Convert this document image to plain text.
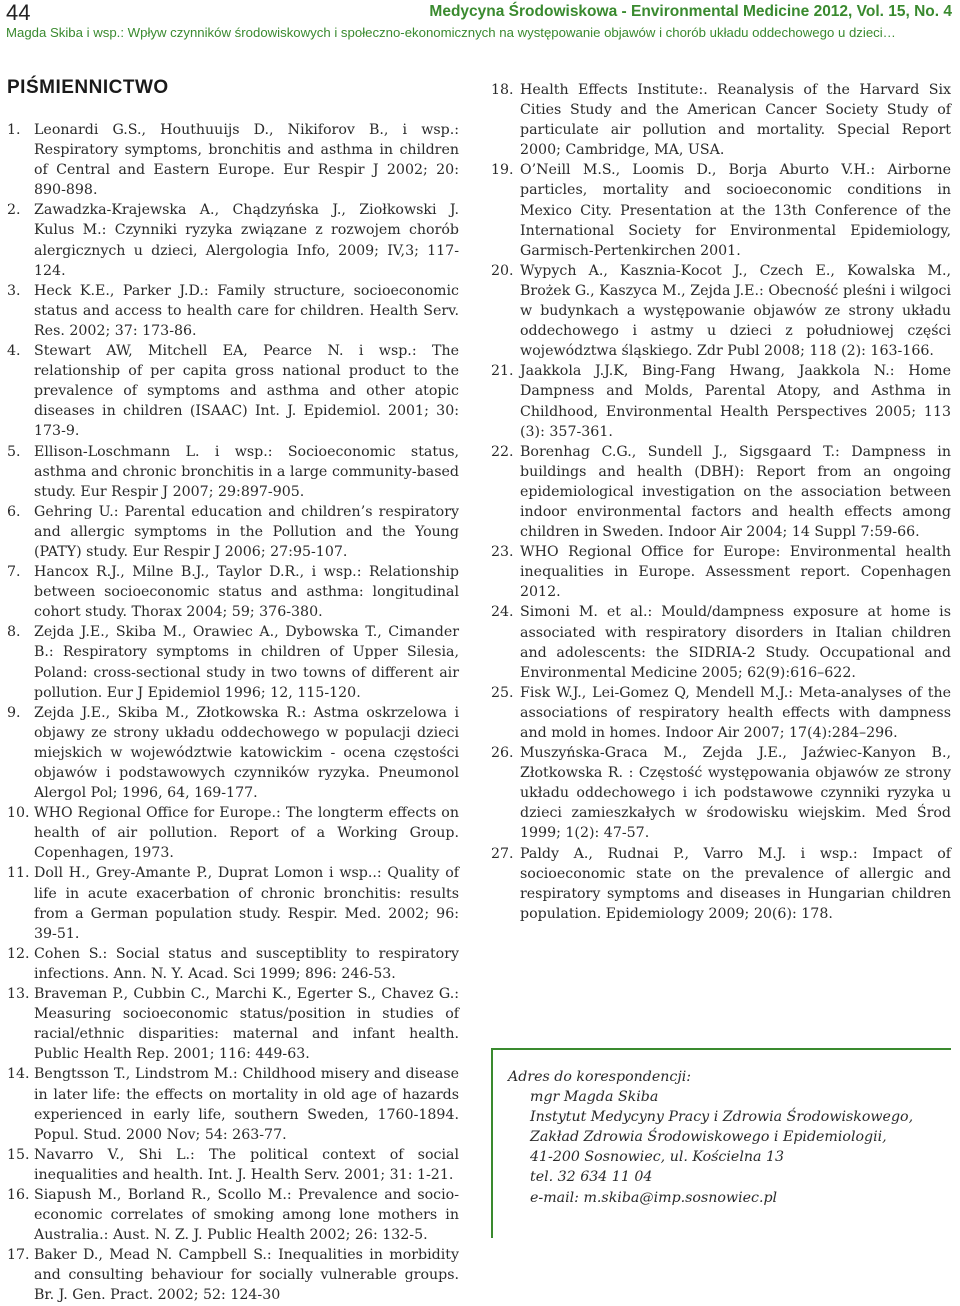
44	Medycyna Środowiskowa - Environmental Medicine 2012, Vol. 15, No. 4
Magda Skiba i wsp.: Wpływ czynników środowiskowych i społeczno-ekonomicznych na występowanie objawów i chorób układu oddechowego u dzieci…
PIŚMIENNICTWO
1. Leonardi G.S., Houthuuijs D., Nikiforov B., i wsp.: Respiratory symptoms, bronchitis and asthma in children of Central and Eastern Europe. Eur Respir J 2002; 20: 890-898.
2. Zawadzka-Krajewska A., Chądzyńska J., Ziołkowski J. Kulus M.: Czynniki ryzyka związane z rozwojem chorób alergicznych u dzieci, Alergologia Info, 2009; IV,3; 117-124.
3. Heck K.E., Parker J.D.: Family structure, socioeconomic status and access to health care for children. Health Serv. Res. 2002; 37: 173-86.
4. Stewart AW, Mitchell EA, Pearce N. i wsp.: The relationship of per capita gross national product to the prevalence of symptoms and asthma and other atopic diseases in children (ISAAC) Int. J. Epidemiol. 2001; 30: 173-9.
5. Ellison-Loschmann L. i wsp.: Socioeconomic status, asthma and chronic bronchitis in a large community-based study. Eur Respir J 2007; 29:897-905.
6. Gehring U.: Parental education and children’s respiratory and allergic symptoms in the Pollution and the Young (PATY) study. Eur Respir J 2006; 27:95-107.
7. Hancox R.J., Milne B.J., Taylor D.R., i wsp.: Relationship between socioeconomic status and asthma: longitudinal cohort study. Thorax 2004; 59; 376-380.
8. Zejda J.E., Skiba M., Orawiec A., Dybowska T., Cimander B.: Respiratory symptoms in children of Upper Silesia, Poland: cross-sectional study in two towns of different air pollution. Eur J Epidemiol 1996; 12, 115-120.
9. Zejda J.E., Skiba M., Złotkowska R.: Astma oskrzelowa i objawy ze strony układu oddechowego w populacji dzieci miejskich w województwie katowickim - ocena częstości objawów i podstawowych czynników ryzyka. Pneumonol Alergol Pol; 1996, 64, 169-177.
10. WHO Regional Office for Europe.: The longterm effects on health of air pollution. Report of a Working Group. Copenhagen, 1973.
11. Doll H., Grey-Amante P., Duprat Lomon i wsp..: Quality of life in acute exacerbation of chronic bronchitis: results from a German population study. Respir. Med. 2002; 96: 39-51.
12. Cohen S.: Social status and susceptiblity to respiratory infections. Ann. N. Y. Acad. Sci 1999; 896: 246-53.
13. Braveman P., Cubbin C., Marchi K., Egerter S., Chavez G.: Measuring socioeconomic status/position in studies of racial/ethnic disparities: maternal and infant health. Public Health Rep. 2001; 116: 449-63.
14. Bengtsson T., Lindstrom M.: Childhood misery and disease in later life: the effects on mortality in old age of hazards experienced in early life, southern Sweden, 1760-1894. Popul. Stud. 2000 Nov; 54: 263-77.
15. Navarro V., Shi L.: The political context of social inequalities and health. Int. J. Health Serv. 2001; 31: 1-21.
16. Siapush M., Borland R., Scollo M.: Prevalence and socio-economic correlates of smoking among lone mothers in Australia.: Aust. N. Z. J. Public Health 2002; 26: 132-5.
17. Baker D., Mead N. Campbell S.: Inequalities in morbidity and consulting behaviour for socially vulnerable groups. Br. J. Gen. Pract. 2002; 52: 124-30
18. Health Effects Institute:. Reanalysis of the Harvard Six Cities Study and the American Cancer Society Study of particulate air pollution and mortality. Special Report 2000; Cambridge, MA, USA.
19. O’Neill M.S., Loomis D., Borja Aburto V.H.: Airborne particles, mortality and socioeconomic conditions in Mexico City. Presentation at the 13th Conference of the International Society for Environmental Epidemiology, Garmisch-Pertenkirchen 2001.
20. Wypych A., Kasznia-Kocot J., Czech E., Kowalska M., Brożek G., Kaszyca M., Zejda J.E.: Obecność pleśni i wilgoci w budynkach a występowanie objawów ze strony układu oddechowego i astmy u dzieci z południowej części województwa śląskiego. Zdr Publ 2008; 118 (2): 163-166.
21. Jaakkola J.J.K, Bing-Fang Hwang, Jaakkola N.: Home Dampness and Molds, Parental Atopy, and Asthma in Childhood, Environmental Health Perspectives 2005; 113 (3): 357-361.
22. Borenhag C.G., Sundell J., Sigsgaard T.: Dampness in buildings and health (DBH): Report from an ongoing epidemiological investigation on the association between indoor environmental factors and health effects among children in Sweden. Indoor Air 2004; 14 Suppl 7:59-66.
23. WHO Regional Office for Europe: Environmental health inequalities in Europe. Assessment report. Copenhagen 2012.
24. Simoni M. et al.: Mould/dampness exposure at home is associated with respiratory disorders in Italian children and adolescents: the SIDRIA-2 Study. Occupational and Environmental Medicine 2005; 62(9):616–622.
25. Fisk W.J., Lei-Gomez Q, Mendell M.J.: Meta-analyses of the associations of respiratory health effects with dampness and mold in homes. Indoor Air 2007; 17(4):284–296.
26. Muszyńska-Graca M., Zejda J.E., Jaźwiec-Kanyon B., Złotkowska R. : Częstość występowania objawów ze strony układu oddechowego i ich podstawowe czynniki ryzyka u dzieci zamieszkałych w środowisku wiejskim. Med Środ 1999; 1(2): 47-57.
27. Paldy A., Rudnai P., Varro M.J. i wsp.: Impact of socioeconomic state on the prevalence of allergic and respiratory symptoms and diseases in Hungarian children population. Epidemiology 2009; 20(6): 178.

Adres do korespondencji:

mgr Magda Skiba

Instytut Medycyny Pracy i Zdrowia Środowiskowego,

Zakład Zdrowia Środowiskowego i Epidemiologii,

41-200 Sosnowiec, ul. Kościelna 13

tel. 32 634 11 04

e-mail: m.skiba@imp.sosnowiec.pl
